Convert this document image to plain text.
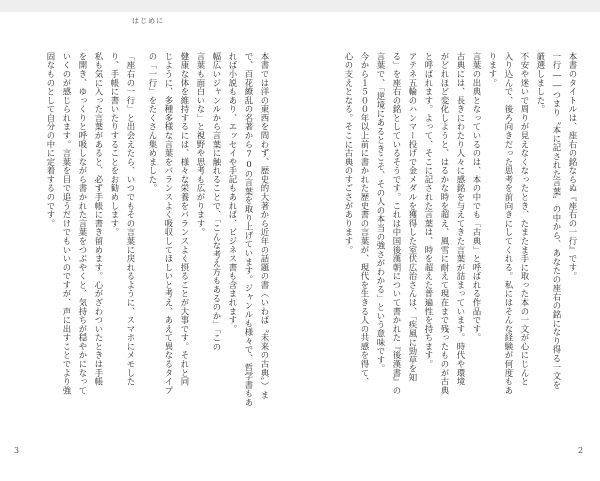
はじめに
本書のタイトルは、座右の銘ならぬ『座右の一行』です。
一行――つまり〝本に記された言葉〟の中から、あなたの座右の銘になり得る一文を
厳選しました。
不安や迷いで周りが見えなくなったとき、たまたま手に取った本の一文が心にじんと
入り込んで、後ろ向きだった思考を前向きにしてくれる。私にはそんな経験が何度もあ
ります。
言葉の出典となっているのは、本の中でも「古典」と呼ばれる作品です。
古典には、長きにわたり人々に感銘を与えてきた言葉が詰まっています。時代や環境
がどれほど変化しようと、はるかな時を超え、風雪に耐えて現在まで残ったものが古典
と呼ばれます。よって、そこに記された言葉は、時を超えた普遍性を持ちます。
アテネ五輪のハンマー投げで金メダルを獲得した室伏広治さんは、「疾風に勁草を知
る」を座右の銘としているそうです。これは中国後漢朝について書かれた『後漢書』の
言葉で、「逆境にあるときこそ、その人の本当の強さがわかる」という意味です。
今から１５００年以上前に書かれた歴史書の言葉が、現代を生きる人の共感を得て、
心の支えとなる。そこに古典のすごさがあります。
本書では洋の東西を問わず、歴史的大著から近年の話題の書（いわば〝未来の古典〟）ま
で、百花繚乱の名著から70の言葉を取り上げています。ジャンルも様々で、哲学書もあ
れば小説もあり、エッセイや手記もあれば、ビジネス書も含まれます。
幅広いジャンルから言葉に触れることで、「こんな考え方もあるのか」「この
言葉も面白いな」と視野や思考も広がります。
健康な体を維持するには、様々な栄養をバランスよく摂ることが大事です。それと同
じように、多種多様な言葉をバランスよく吸収してほしいと考え、あえて異なるタイプ
の「一行」をたくさん集めました。
「座右の一行」と出会えたら、いつでもその言葉に戻れるように、スマホにメモした
り、手帳に書いたりすることをお勧めします。
私も気に入った言葉があると、必ず手帳に書き留めます。心がざわついたときは手帳
を開き、ゆっくりと呼吸しながら書かれた言葉をつぶやくと、気持ちが穏やかになって
いくのが感じられます。言葉を目で追うだけでもいいのですが、声に出すことでより強
固なものとして自分の中に定着するのです。
3	2
